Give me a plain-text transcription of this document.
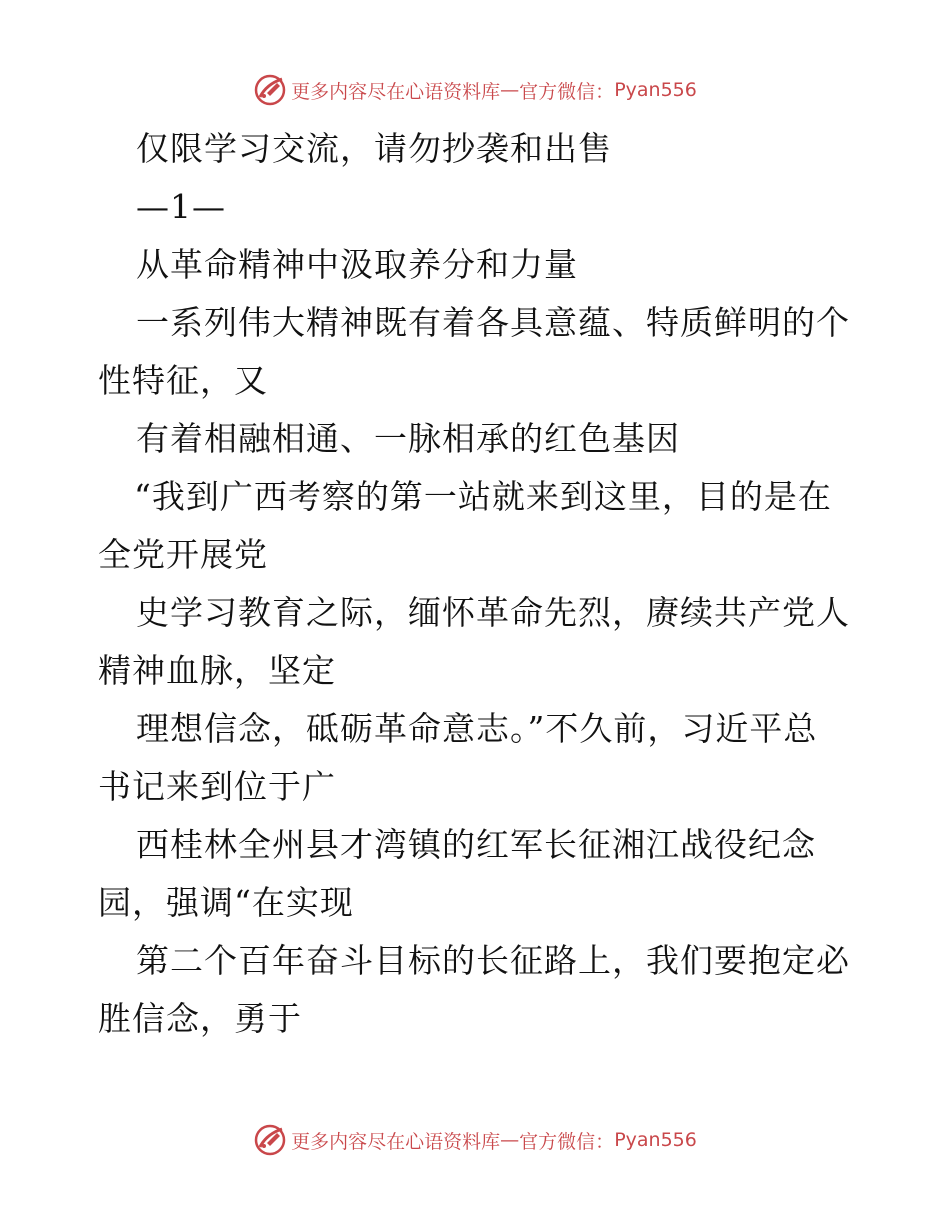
更多内容尽在心语资料库 — 官方微信： Pyan556
仅限学习交流，请勿抄袭和出售
—1—
从革命精神中汲取养分和力量
一系列伟大精神既有着各具意蕴、特质鲜明的个
性特征，又
有着相融相通、一脉相承的红色基因
“我到广西考察的第一站就来到这里，目的是在
全党开展党
史学习教育之际，缅怀革命先烈，赓续共产党人
精神血脉，坚定
理想信念，砥砺革命意志。”不久前，习近平总
书记来到位于广
西桂林全州县才湾镇的红军长征湘江战役纪念
园，强调“在实现
第二个百年奋斗目标的长征路上，我们要抱定必
胜信念，勇于
更多内容尽在心语资料库 — 官方微信： Pyan556
